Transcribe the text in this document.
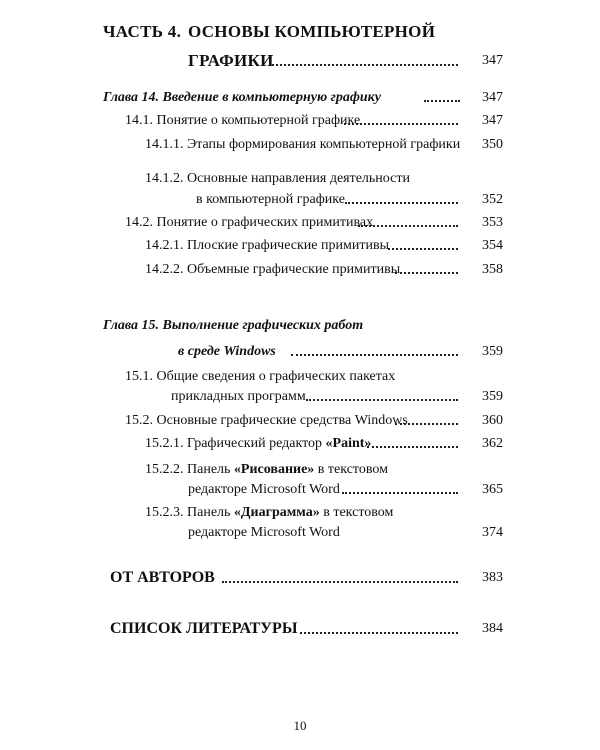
ЧАСТЬ 4. ОСНОВЫ КОМПЬЮТЕРНОЙ
ГРАФИКИ	347
Глава 14. Введение в компьютерную графику	347
14.1. Понятие о компьютерной графике	347
14.1.1. Этапы формирования компьютерной графики	350
14.1.2. Основные направления деятельности
в компьютерной графике	352
14.2. Понятие о графических примитивах	353
14.2.1. Плоские графические примитивы	354
14.2.2. Объемные графические примитивы	358
Глава 15. Выполнение графических работ
в среде Windows	359
15.1. Общие сведения о графических пакетах
прикладных программ	359
15.2. Основные графические средства Windows	360
15.2.1. Графический редактор «Paint»	362
15.2.2. Панель «Рисование» в текстовом
редакторе Microsoft Word	365
15.2.3. Панель «Диаграмма» в текстовом
редакторе Microsoft Word	374
ОТ АВТОРОВ	383
СПИСОК ЛИТЕРАТУРЫ	384
10
